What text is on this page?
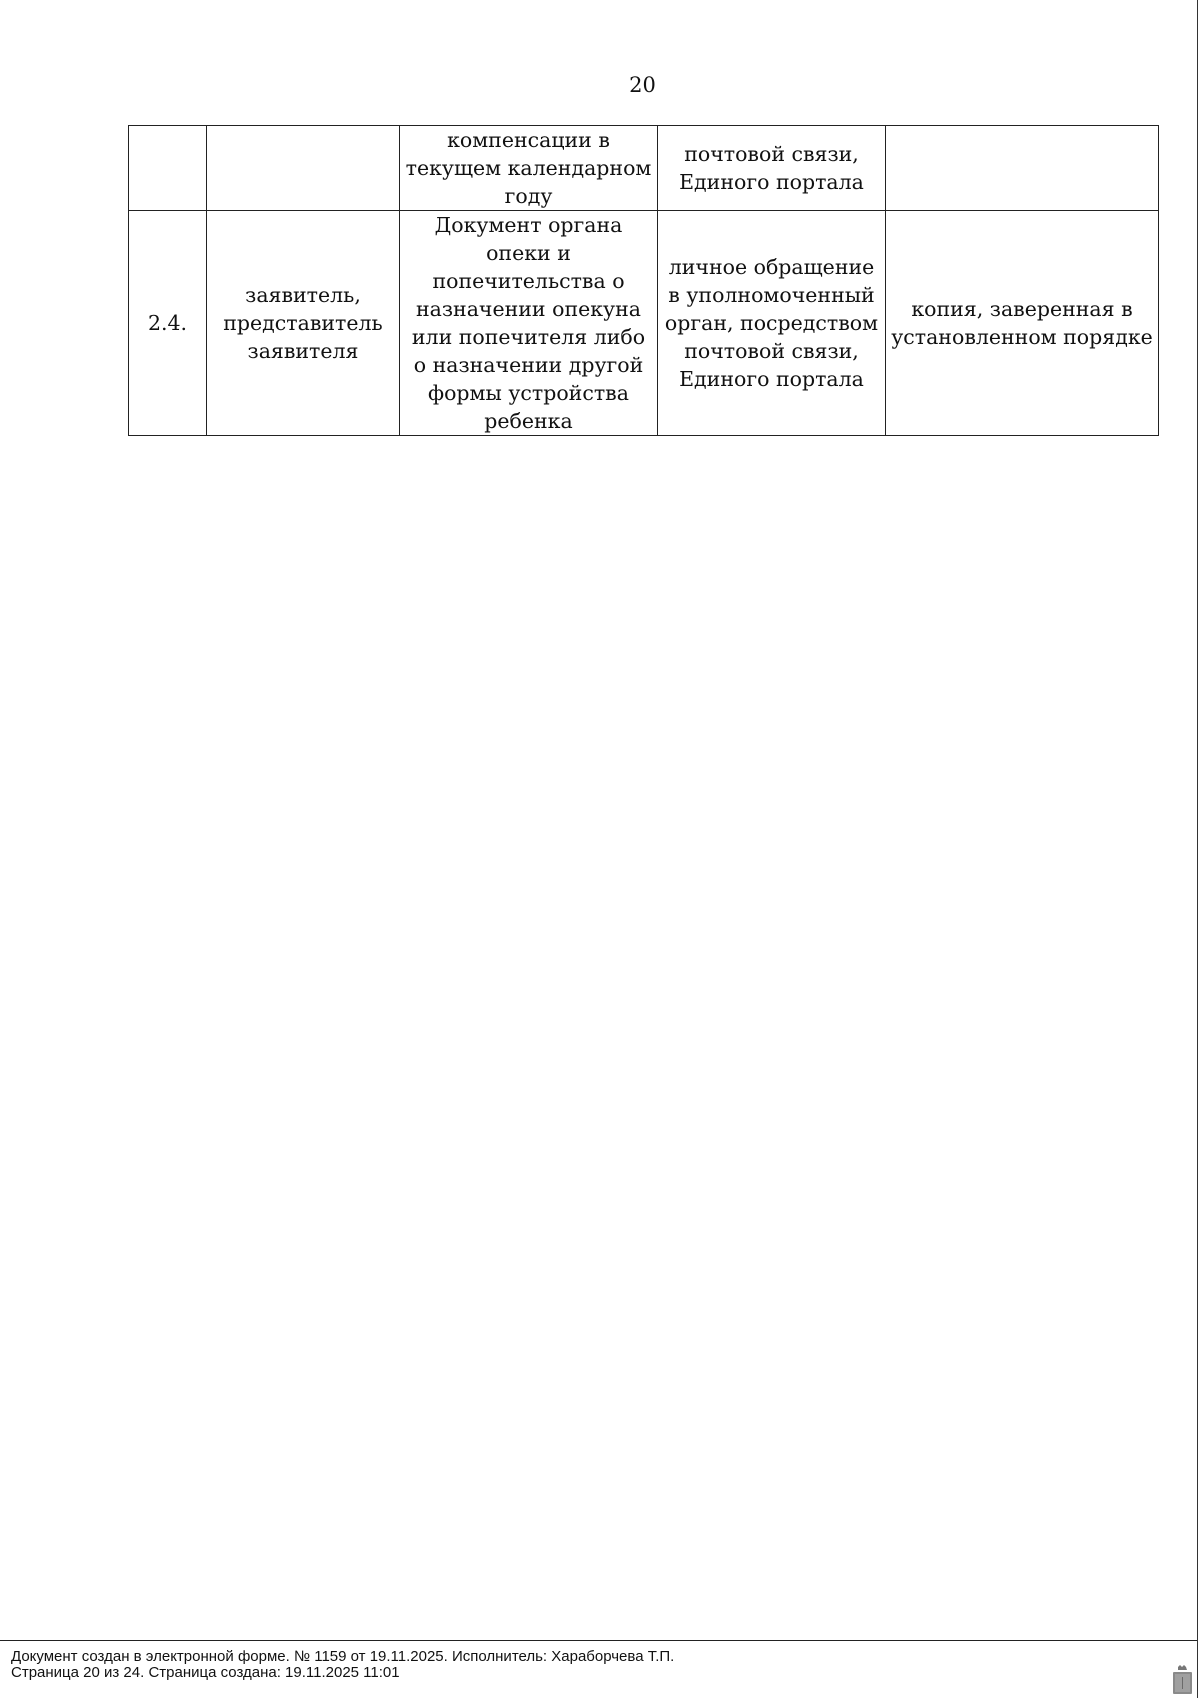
20
		компенсации в текущем календарном году	почтовой связи, Единого портала	
2.4.	заявитель, представитель заявителя	Документ органа опеки и попечительства о назначении опекуна или попечителя либо о назначении другой формы устройства ребенка	личное обращение в уполномоченный орган, посредством почтовой связи, Единого портала	копия, заверенная в установленном порядке
Документ создан в электронной форме. № 1159 от 19.11.2025. Исполнитель: Хараборчева Т.П.
Страница 20 из 24. Страница создана: 19.11.2025 11:01
